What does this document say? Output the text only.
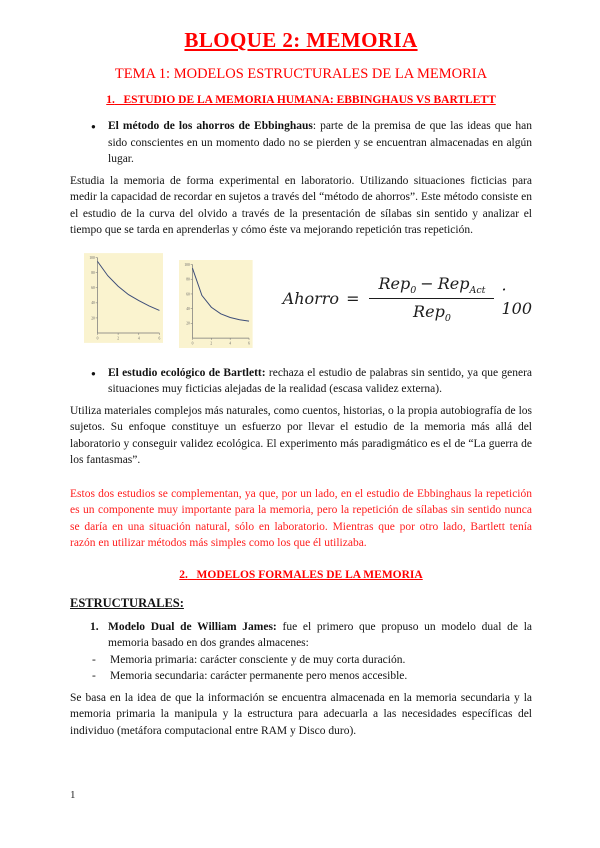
BLOQUE 2: MEMORIA
TEMA 1: MODELOS ESTRUCTURALES DE LA MEMORIA
1. ESTUDIO DE LA MEMORIA HUMANA: EBBINGHAUS VS BARTLETT
●
El método de los ahorros de Ebbinghaus: parte de la premisa de que las ideas que han sido conscientes en un momento dado no se pierden y se encuentran almacenadas en algún lugar.

Estudia la memoria de forma experimental en laboratorio. Utilizando situaciones ficticias para medir la capacidad de recordar en sujetos a través del “método de ahorros”. Este método consiste en el estudio de la curva del olvido a través de la presentación de sílabas sin sentido y analizar el tiempo que se tarda en aprenderlas y cómo éste va mejorando repetición tras repetición.

20
40
60
80
100
0	2	4	6
20
40
60
80
100
0	2	4	6
Ahorro = $\frac{Rep_0 - Rep_{Act}}{Rep_0} \cdot 100$
●
El estudio ecológico de Bartlett: rechaza el estudio de palabras sin sentido, ya que genera situaciones muy ficticias alejadas de la realidad (escasa validez externa).

Utiliza materiales complejos más naturales, como cuentos, historias, o la propia autobiografía de los sujetos. Su enfoque constituye un esfuerzo por llevar el estudio de la memoria más allá del laboratorio y conseguir validez ecológica. El experimento más paradigmático es el de “La guerra de los fantasmas”.

Estos dos estudios se complementan, ya que, por un lado, en el estudio de Ebbinghaus la repetición es un componente muy importante para la memoria, pero la repetición de sílabas sin sentido nunca se daría en una situación natural, sólo en laboratorio. Mientras que por otro lado, Bartlett tenía razón en utilizar métodos más simples como los que él utilizaba.

2. MODELOS FORMALES DE LA MEMORIA
ESTRUCTURALES:
1. Modelo Dual de William James: fue el primero que propuso un modelo dual de la memoria basado en dos grandes almacenes:
- Memoria primaria: carácter consciente y de muy corta duración.
- Memoria secundaria: carácter permanente pero menos accesible.

Se basa en la idea de que la información se encuentra almacenada en la memoria secundaria y la memoria primaria la manipula y la estructura para adecuarla a las necesidades específicas del individuo (metáfora computacional entre RAM y Disco duro).

1
